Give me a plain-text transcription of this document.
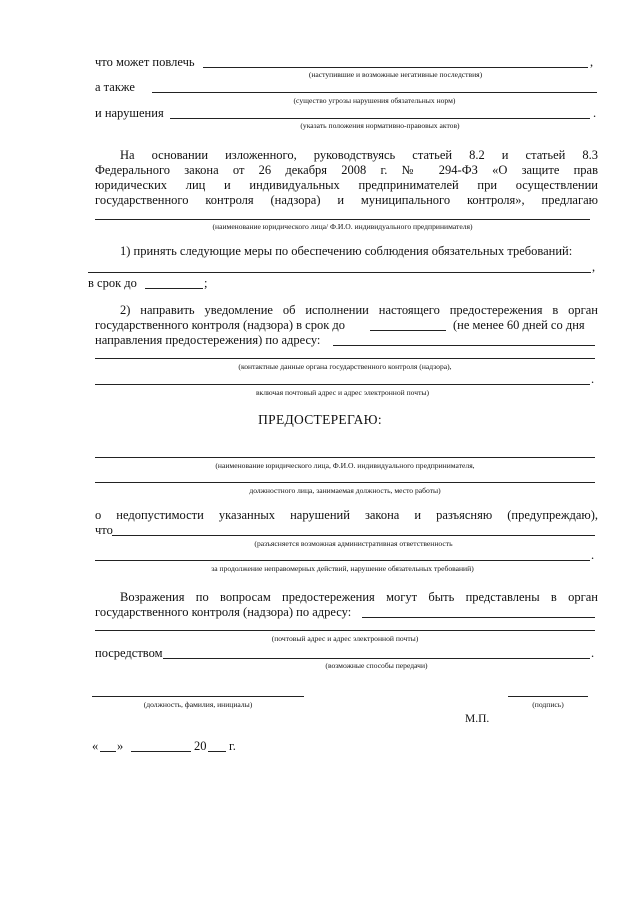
что может повлечь	,
(наступившие и возможные негативные последствия)
а также
(существо угрозы нарушения обязательных норм)
и нарушения	.
(указать положения нормативно-правовых актов)
На основании изложенного, руководствуясь статьей 8.2 и статьей 8.3
Федерального закона от 26 декабря 2008 г. № 294-ФЗ «О защите прав
юридических лиц и индивидуальных предпринимателей при осуществлении
государственного контроля (надзора) и муниципального контроля», предлагаю
(наименование юридического лица/ Ф.И.О. индивидуального предпринимателя)
1) принять следующие меры по обеспечению соблюдения обязательных требований:
,
в срок до	;
2) направить уведомление об исполнении настоящего предостережения в орган
государственного контроля (надзора) в срок до	(не менее 60 дней со дня
направления предостережения) по адресу:
(контактные данные органа государственного контроля (надзора),
.
включая почтовый адрес и адрес электронной почты)
ПРЕДОСТЕРЕГАЮ:
(наименование юридического лица, Ф.И.О. индивидуального предпринимателя,
должностного лица, занимаемая должность, место работы)
о недопустимости указанных нарушений закона и разъясняю (предупреждаю),
что
(разъясняется возможная административная ответственность
.
за продолжение неправомерных действий, нарушение обязательных требований)
Возражения по вопросам предостережения могут быть представлены в орган
государственного контроля (надзора) по адресу:
(почтовый адрес и адрес электронной почты)
посредством	.
(возможные способы передачи)
(должность, фамилия, инициалы)	(подпись)
М.П.
« »	20 г.
